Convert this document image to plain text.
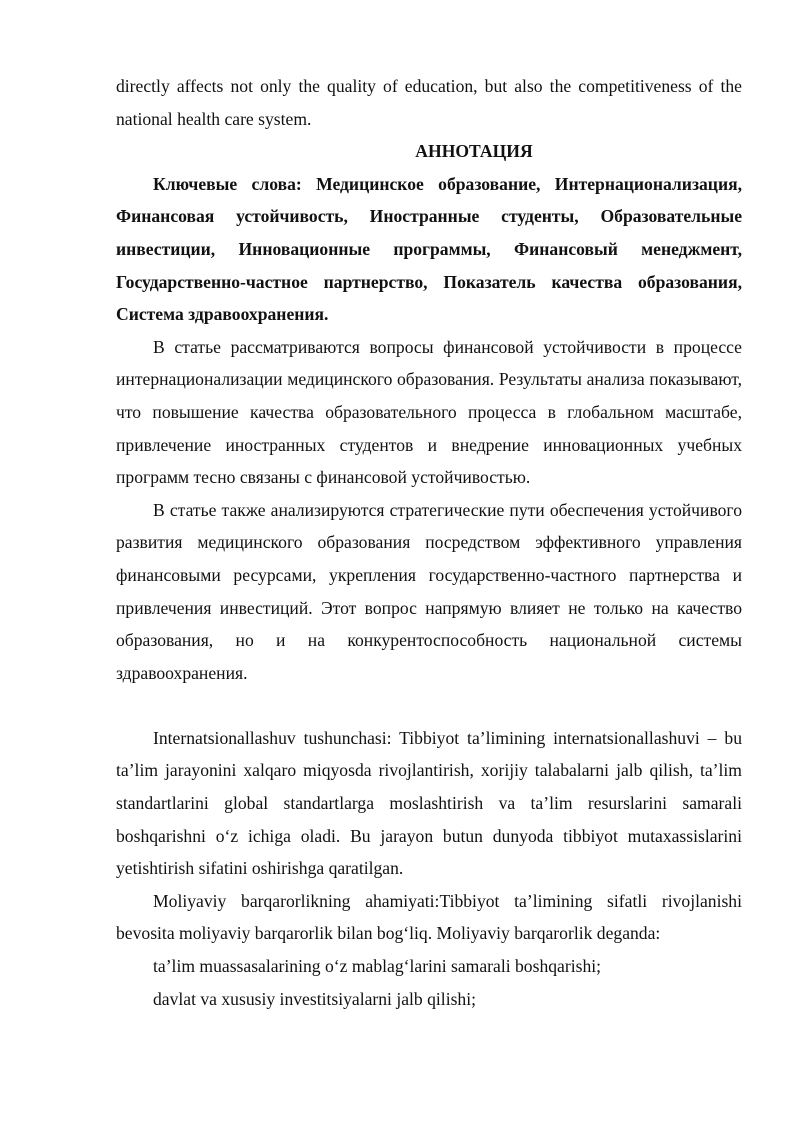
directly affects not only the quality of education, but also the competitiveness of the national health care system.

АННОТАЦИЯ

Ключевые слова: Медицинское образование, Интернационализация, Финансовая устойчивость, Иностранные студенты, Образовательные инвестиции, Инновационные программы, Финансовый менеджмент, Государственно-частное партнерство, Показатель качества образования, Система здравоохранения.

В статье рассматриваются вопросы финансовой устойчивости в процессе интернационализации медицинского образования. Результаты анализа показывают, что повышение качества образовательного процесса в глобальном масштабе, привлечение иностранных студентов и внедрение инновационных учебных программ тесно связаны с финансовой устойчивостью.

В статье также анализируются стратегические пути обеспечения устойчивого развития медицинского образования посредством эффективного управления финансовыми ресурсами, укрепления государственно-частного партнерства и привлечения инвестиций. Этот вопрос напрямую влияет не только на качество образования, но и на конкурентоспособность национальной системы здравоохранения.

Internatsionallashuv tushunchasi: Tibbiyot ta’limining internatsionallashuvi – bu ta’lim jarayonini xalqaro miqyosda rivojlantirish, xorijiy talabalarni jalb qilish, ta’lim standartlarini global standartlarga moslashtirish va ta’lim resurslarini samarali boshqarishni o‘z ichiga oladi. Bu jarayon butun dunyoda tibbiyot mutaxassislarini yetishtirish sifatini oshirishga qaratilgan.

Moliyaviy barqarorlikning ahamiyati:Tibbiyot ta’limining sifatli rivojlanishi bevosita moliyaviy barqarorlik bilan bog‘liq. Moliyaviy barqarorlik deganda:

ta’lim muassasalarining o‘z mablag‘larini samarali boshqarishi;

davlat va xususiy investitsiyalarni jalb qilishi;
